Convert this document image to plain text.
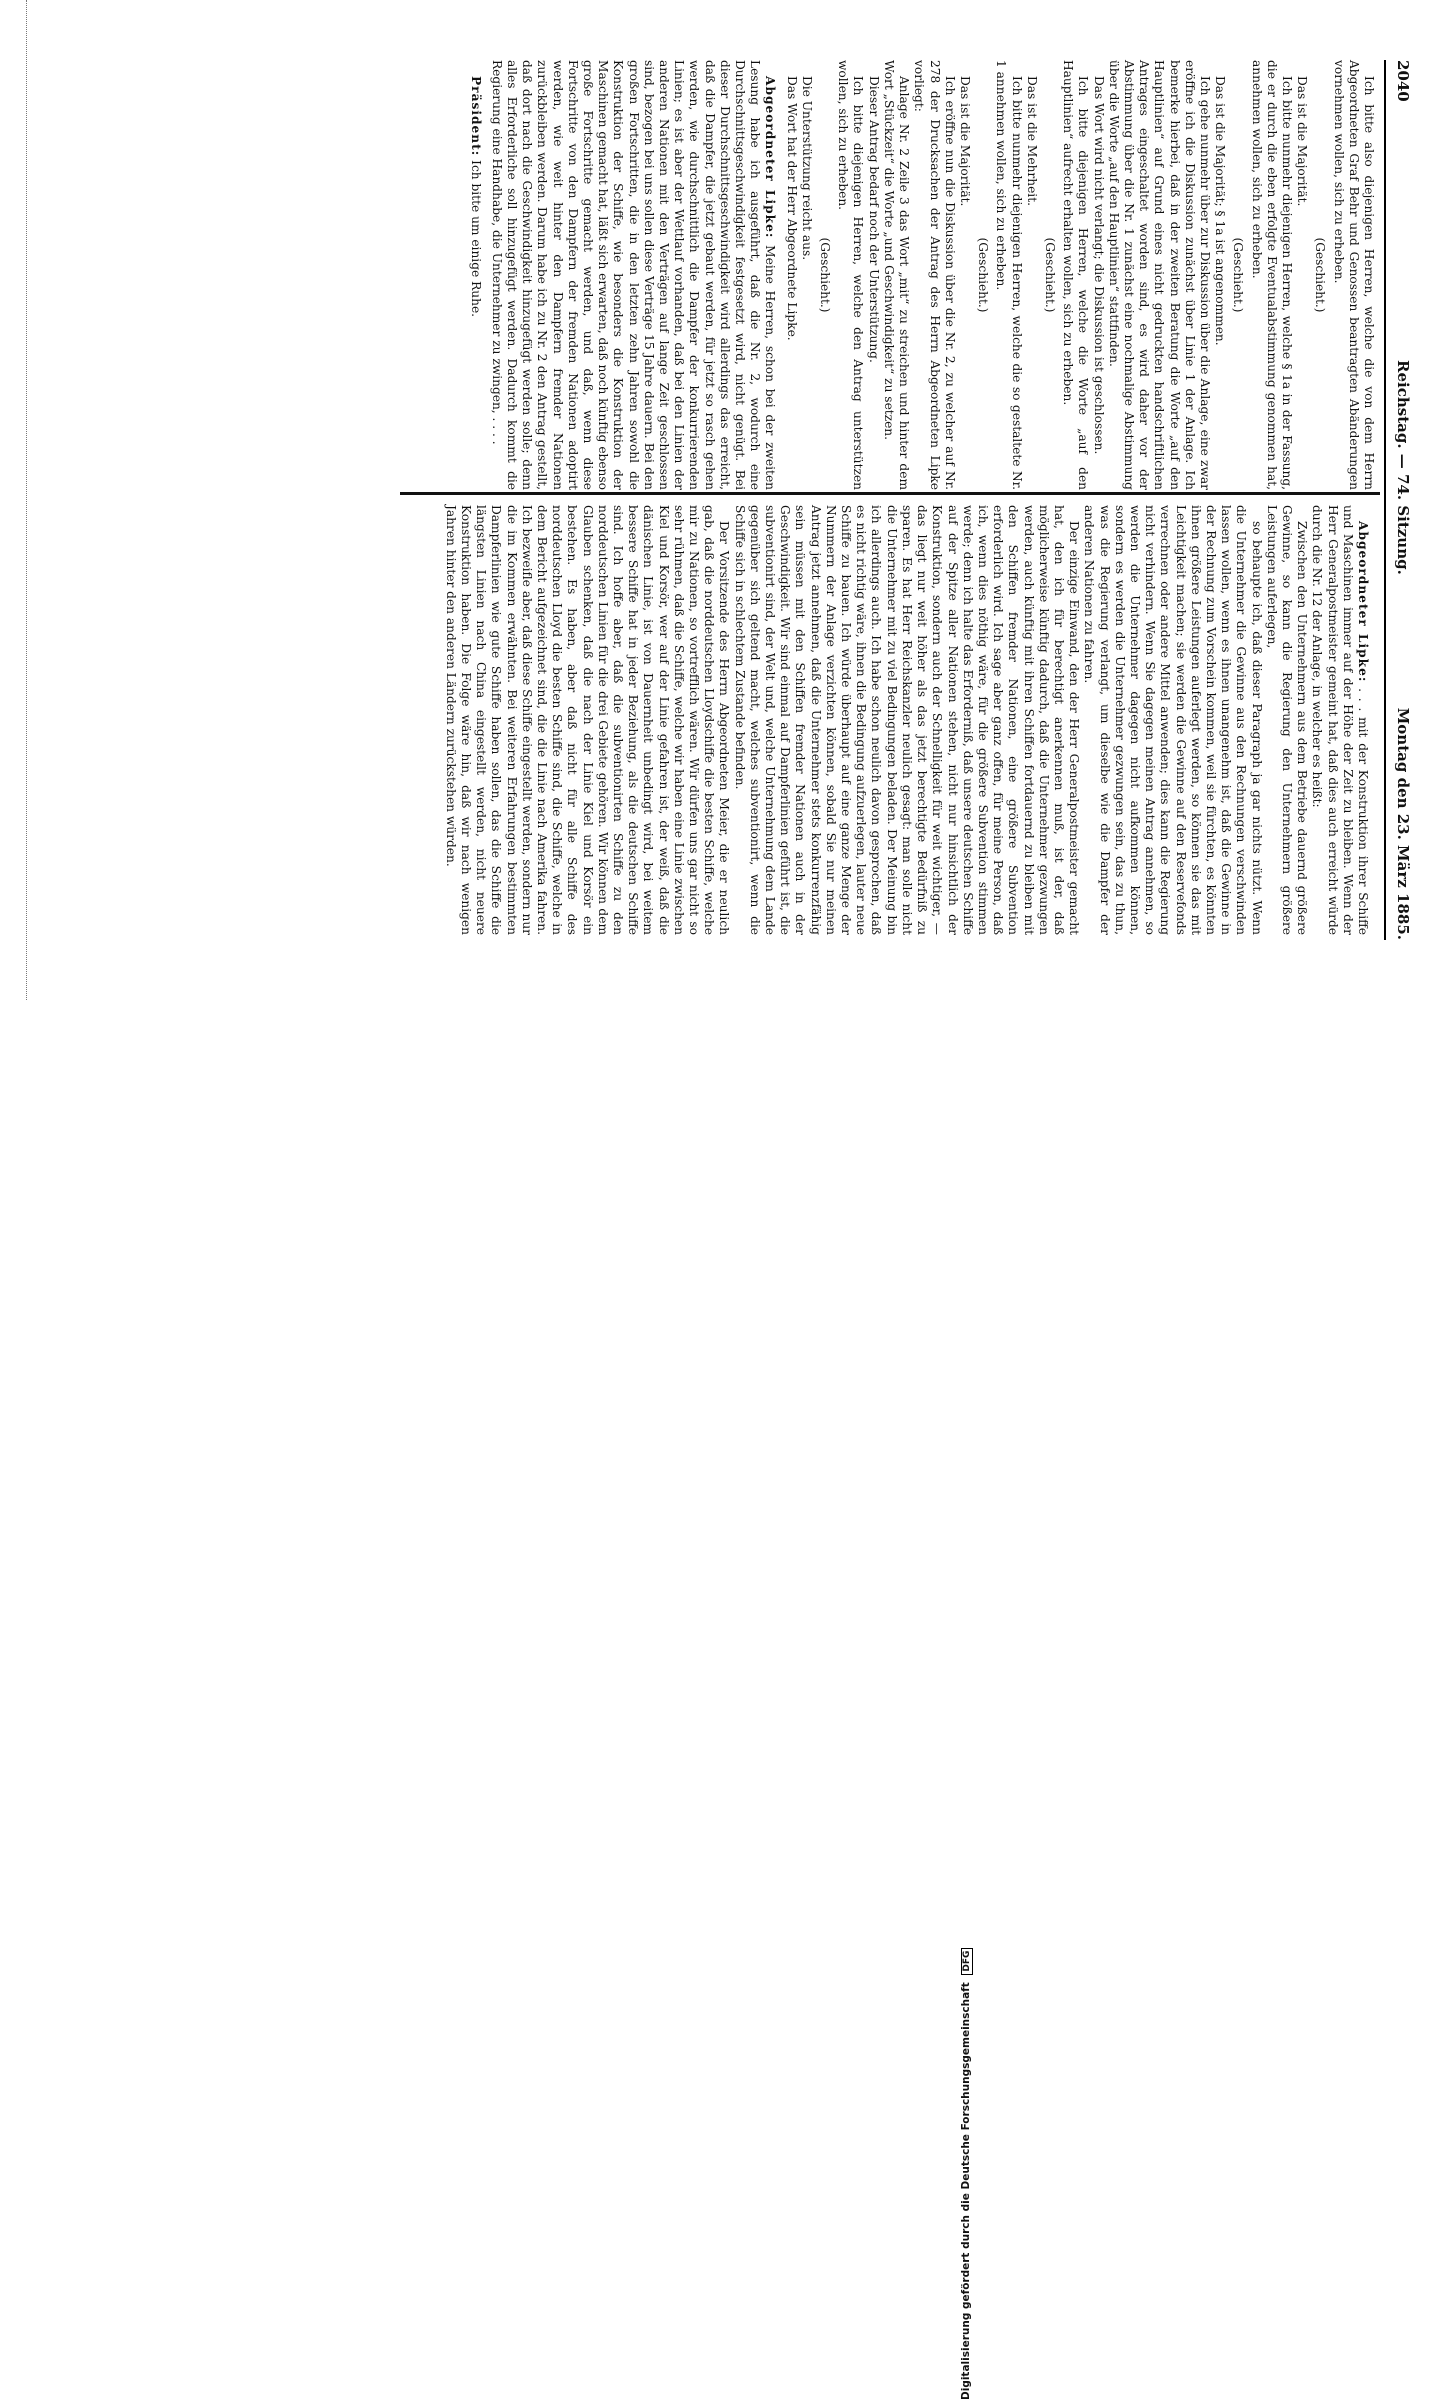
2040
Reichstag. — 74. Sitzung.
Montag den 23. März 1885.

Ich bitte also diejenigen Herren, welche die von dem Herrn Abgeordneten Graf Behr und Genossen beantragten Abänderungen vornehmen wollen, sich zu erheben.

(Geschieht.)

Das ist die Majorität.

Ich bitte nunmehr diejenigen Herren, welche § 1a in der Fassung, die er durch die eben erfolgte Eventualabstimmung genommen hat, annehmen wollen, sich zu erheben.

(Geschieht.)

Das ist die Majorität; § 1a ist angenommen.

Ich gehe nunmehr über zur Diskussion über die Anlage, eine zwar eröffne ich die Diskussion zunächst über Linie 1 der Anlage. Ich bemerke hierbei, daß in der zweiten Beratung die Worte „auf den Hauptlinien“ auf Grund eines nicht gedruckten handschriftlichen Antrages eingeschaltet worden sind, es wird daher vor der Abstimmung über die Nr. 1 zunächst eine nochmalige Abstimmung über die Worte „auf den Hauptlinien“ stattfinden.

Das Wort wird nicht verlangt; die Diskussion ist geschlossen.

Ich bitte diejenigen Herren, welche die Worte „auf den Hauptlinien“ aufrecht erhalten wollen, sich zu erheben.

(Geschieht.)

Das ist die Mehrheit.

Ich bitte nunmehr diejenigen Herren, welche die so gestaltete Nr. 1 annehmen wollen, sich zu erheben.

(Geschieht.)

Das ist die Majorität.

Ich eröffne nun die Diskussion über die Nr. 2, zu welcher auf Nr. 278 der Drucksachen der Antrag des Herrn Abgeordneten Lipke vorliegt:

Anlage Nr. 2 Zeile 3 das Wort „mit“ zu streichen und hinter dem Wort „Stückzeit“ die Worte „und Geschwindigkeit“ zu setzen.

Dieser Antrag bedarf noch der Unterstützung.

Ich bitte diejenigen Herren, welche den Antrag unterstützen wollen, sich zu erheben.

(Geschieht.)

Die Unterstützung reicht aus.

Das Wort hat der Herr Abgeordnete Lipke.

Abgeordneter Lipke: Meine Herren, schon bei der zweiten Lesung habe ich ausgeführt, daß die Nr. 2, wodurch eine Durchschnittsgeschwindigkeit festgesetzt wird, nicht genügt. Bei dieser Durchschnittsgeschwindigkeit wird allerdings das erreicht, daß die Dampfer, die jetzt gebaut werden, für jetzt so rasch gehen werden, wie durchschnittlich die Dampfer der konkurrierenden Linien; es ist aber der Wettlauf vorhanden, daß bei den Linien der anderen Nationen mit den Verträgen auf lange Zeit geschlossen sind, bezogen bei uns sollen diese Verträge 15 Jahre dauern. Bei den großen Fortschritten, die in den letzten zehn Jahren sowohl die Konstruktion der Schiffe, wie besonders die Konstruktion der Maschinen gemacht hat, läßt sich erwarten, daß noch künftig ebenso große Fortschritte gemacht werden, und daß, wenn diese Fortschritte von den Dampfern der fremden Nationen adoptirt werden, wie weit hinter den Dampfern fremder Nationen zurückbleiben werden. Darum habe ich zu Nr. 2 den Antrag gestellt, daß dort nach die Geschwindigkeit hinzugefügt werden solle; denn alles Erforderliche soll hinzugefügt werden. Dadurch kommt die Regierung eine Handhabe, die Unternehmer zu zwingen, . . . .

Präsident: Ich bitte um einige Ruhe.

Abgeordneter Lipke: . . . mit der Konstruktion ihrer Schiffe und Maschinen immer auf der Höhe der Zeit zu bleiben. Wenn der Herr Generalpostmeister gemeint hat, daß dies auch erreicht würde durch die Nr. 12 der Anlage, in welcher es heißt:

Zwischen den Unternehmern aus dem Betriebe dauernd größere Gewinne, so kann die Regierung den Unternehmern größere Leistungen auferlegen,

so behaupte ich, daß dieser Paragraph ja gar nichts nützt. Wenn die Unternehmer die Gewinne aus den Rechnungen verschwinden lassen wollen, wenn es ihnen unangenehm ist, daß die Gewinne in der Rechnung zum Vorschein kommen, weil sie fürchten, es könnten ihnen größere Leistungen auferlegt werden, so können sie das mit Leichtigkeit machen; sie werden die Gewinne auf den Reservefonds verrechnen oder andere Mittel anwenden; dies kann die Regierung nicht verhindern. Wenn Sie dagegen meinen Antrag annehmen, so werden die Unternehmer dagegen nicht aufkommen können, sondern es werden die Unternehmer gezwungen sein, das zu thun, was die Regierung verlangt, um dieselbe wie die Dampfer der anderen Nationen zu fahren.

Der einzige Einwand, den der Herr Generalpostmeister gemacht hat, den ich für berechtigt anerkennen muß, ist der, daß möglicherweise künftig dadurch, daß die Unternehmer gezwungen werden, auch künftig mit ihren Schiffen fortdauernd zu bleiben mit den Schiffen fremder Nationen, eine größere Subvention erforderlich wird. Ich sage aber ganz offen, für meine Person, daß ich, wenn dies nöthig wäre, für die größere Subvention stimmen werde; denn ich halte das Erforderniß, daß unsere deutschen Schiffe auf der Spitze aller Nationen stehen, nicht nur hinsichtlich der Konstruktion, sondern auch der Schnelligkeit für weit wichtiger, — das liegt nur weit höher als das jetzt berechtigte Bedürfniß zu sparen. Es hat Herr Reichskanzler neulich gesagt: man solle nicht die Unternehmer mit zu viel Bedingungen beladen. Der Meinung bin ich allerdings auch. Ich habe schon neulich davon gesprochen, daß es nicht richtig wäre, ihnen die Bedingung aufzuerlegen, lauter neue Schiffe zu bauen. Ich würde überhaupt auf eine ganze Menge der Nummern der Anlage verzichten können, sobald Sie nur meinen Antrag jetzt annehmen, daß die Unternehmer stets konkurrenzfähig sein müssen mit den Schiffen fremder Nationen auch in der Geschwindigkeit. Wir sind einmal auf Dampferlinien geführt ist, die subventionirt sind, der Welt und, welche Unternehmung dem Lande gegenüber sich geltend macht, welches subventionirt, wenn die Schiffe sich in schlechtem Zustande befinden.

Der Vorsitzende des Herrn Abgeordneten Meier, die er neulich gab, daß die norddeutschen Lloydschiffe die besten Schiffe, welche mir zu Nationen, so vortrefflich wären. Wir dürfen uns gar nicht so sehr rühmen, daß die Schiffe, welche wir haben eine Linie zwischen Kiel und Korsör, wer auf der Linie gefahren ist, der weiß, daß die dänischen Linie, ist von Dauernheit unbedingt wird, bei weitem bessere Schiffe hat in jeder Beziehung, als die deutschen Schiffe sind. Ich hoffe aber, daß die subventionirten Schiffe zu den norddeutschen Linien für die drei Gebiete gehören. Wir können dem Glauben schenken, daß die nach der Linie Kiel und Korsör ein bestehen. Es haben, aber daß nicht für alle Schiffe des norddeutschen Lloyd die besten Schiffe sind, die Schiffe, welche in dem Bericht aufgezeichnet sind, die die Linie nach Amerika fahren. Ich bezweifle aber, daß diese Schiffe eingestellt werden, sondern nur die im Kommen erwähnten. Bei weiteren Erfahrungen bestimmten Dampferlinien wie gute Schiffe haben sollen, das die Schiffe die längsten Linien nach China eingestellt werden, nicht neuere Konstruktion haben. Die Folge wäre hin, daß wir nach wenigen Jahren hinter den anderen Ländern zurückstehen würden.

Digitalisierung gefördert durch die Deutsche Forschungsgemeinschaft DFG
